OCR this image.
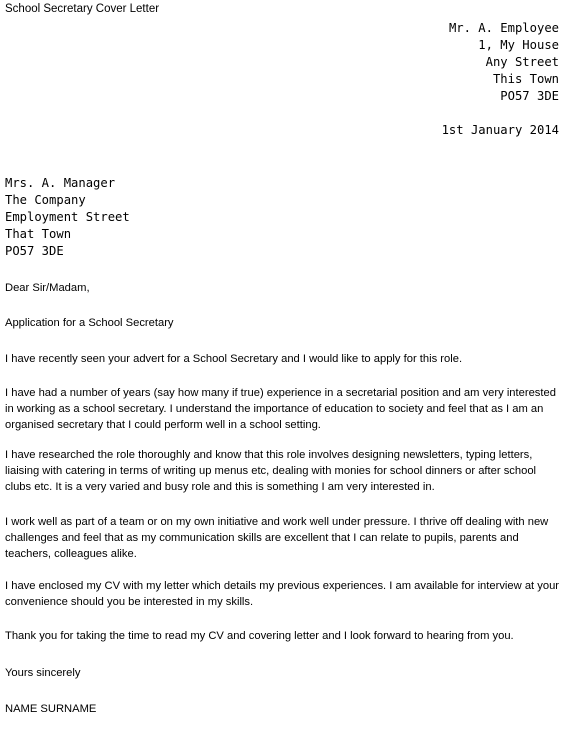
School Secretary Cover Letter
Mr. A. Employee
1, My House
Any Street
This Town
PO57 3DE
1st January 2014
Mrs. A. Manager
The Company
Employment Street
That Town
PO57 3DE
Dear Sir/Madam,
Application for a School Secretary
I have recently seen your advert for a School Secretary and I would like to apply for this role.
I have had a number of years (say how many if true) experience in a secretarial position and am very interested in working as a school secretary. I understand the importance of education to society and feel that as I am an organised secretary that I could perform well in a school setting.
I have researched the role thoroughly and know that this role involves designing newsletters, typing letters, liaising with catering in terms of writing up menus etc, dealing with monies for school dinners or after school clubs etc. It is a very varied and busy role and this is something I am very interested in.
I work well as part of a team or on my own initiative and work well under pressure. I thrive off dealing with new challenges and feel that as my communication skills are excellent that I can relate to pupils, parents and teachers, colleagues alike.
I have enclosed my CV with my letter which details my previous experiences. I am available for interview at your convenience should you be interested in my skills.
Thank you for taking the time to read my CV and covering letter and I look forward to hearing from you.
Yours sincerely
NAME SURNAME
